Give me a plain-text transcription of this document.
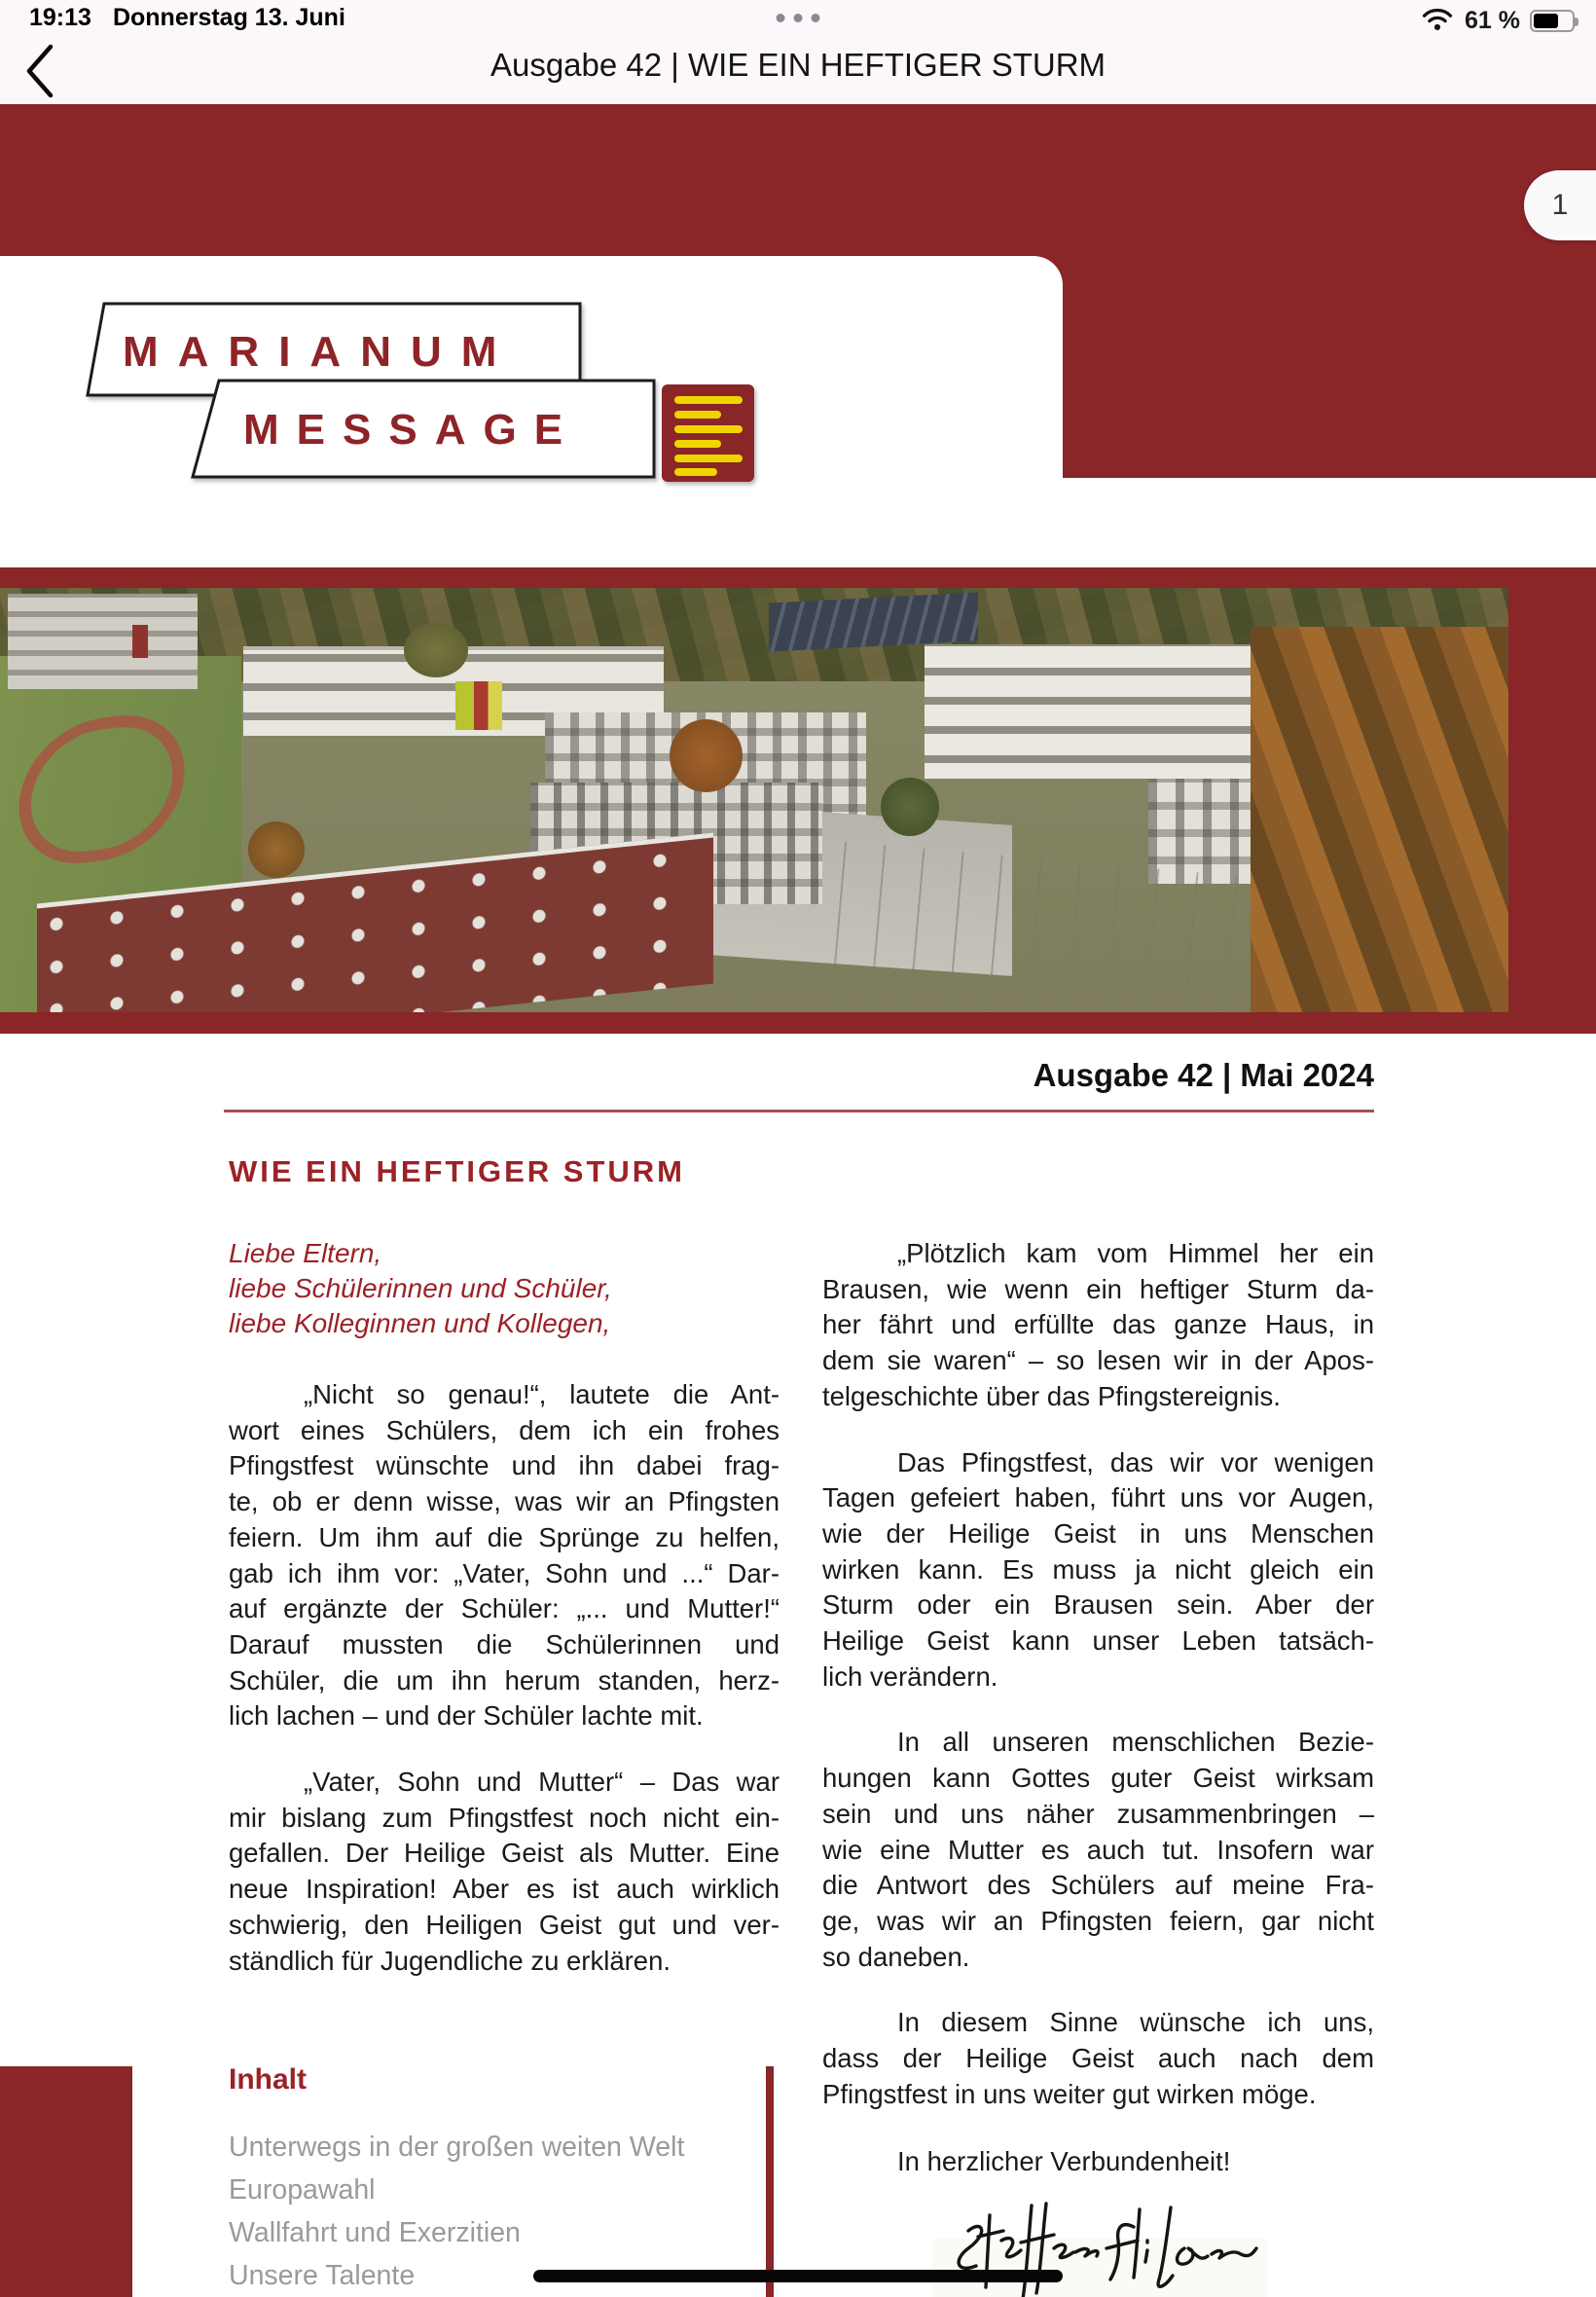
19:13 Donnerstag 13. Juni	61 %
Ausgabe 42 | WIE EIN HEFTIGER STURM
1
MARIANUM
MESSAGE
Ausgabe 42 | Mai 2024
WIE EIN HEFTIGER STURM
Liebe Eltern,
liebe Schülerinnen und Schüler,
liebe Kolleginnen und Kollegen,
„Nicht so genau!“, lautete die Ant-
wort eines Schülers, dem ich ein frohes
Pfingstfest wünschte und ihn dabei frag-
te, ob er denn wisse, was wir an Pfingsten
feiern. Um ihm auf die Sprünge zu helfen,
gab ich ihm vor: „Vater, Sohn und ...“ Dar-
auf ergänzte der Schüler: „... und Mutter!“
Darauf mussten die Schülerinnen und
Schüler, die um ihn herum standen, herz-
lich lachen – und der Schüler lachte mit.
„Vater, Sohn und Mutter“ – Das war
mir bislang zum Pfingstfest noch nicht ein-
gefallen. Der Heilige Geist als Mutter. Eine
neue Inspiration! Aber es ist auch wirklich
schwierig, den Heiligen Geist gut und ver-
ständlich für Jugendliche zu erklären.
„Plötzlich kam vom Himmel her ein
Brausen, wie wenn ein heftiger Sturm da-
her fährt und erfüllte das ganze Haus, in
dem sie waren“ – so lesen wir in der Apos-
telgeschichte über das Pfingstereignis.
Das Pfingstfest, das wir vor wenigen
Tagen gefeiert haben, führt uns vor Augen,
wie der Heilige Geist in uns Menschen
wirken kann. Es muss ja nicht gleich ein
Sturm oder ein Brausen sein. Aber der
Heilige Geist kann unser Leben tatsäch-
lich verändern.
In all unseren menschlichen Bezie-
hungen kann Gottes guter Geist wirksam
sein und uns näher zusammenbringen –
wie eine Mutter es auch tut. Insofern war
die Antwort des Schülers auf meine Fra-
ge, was wir an Pfingsten feiern, gar nicht
so daneben.
In diesem Sinne wünsche ich uns,
dass der Heilige Geist auch nach dem
Pfingstfest in uns weiter gut wirken möge.
In herzlicher Verbundenheit!
Inhalt
Unterwegs in der großen weiten Welt
Europawahl
Wallfahrt und Exerzitien
Unsere Talente
